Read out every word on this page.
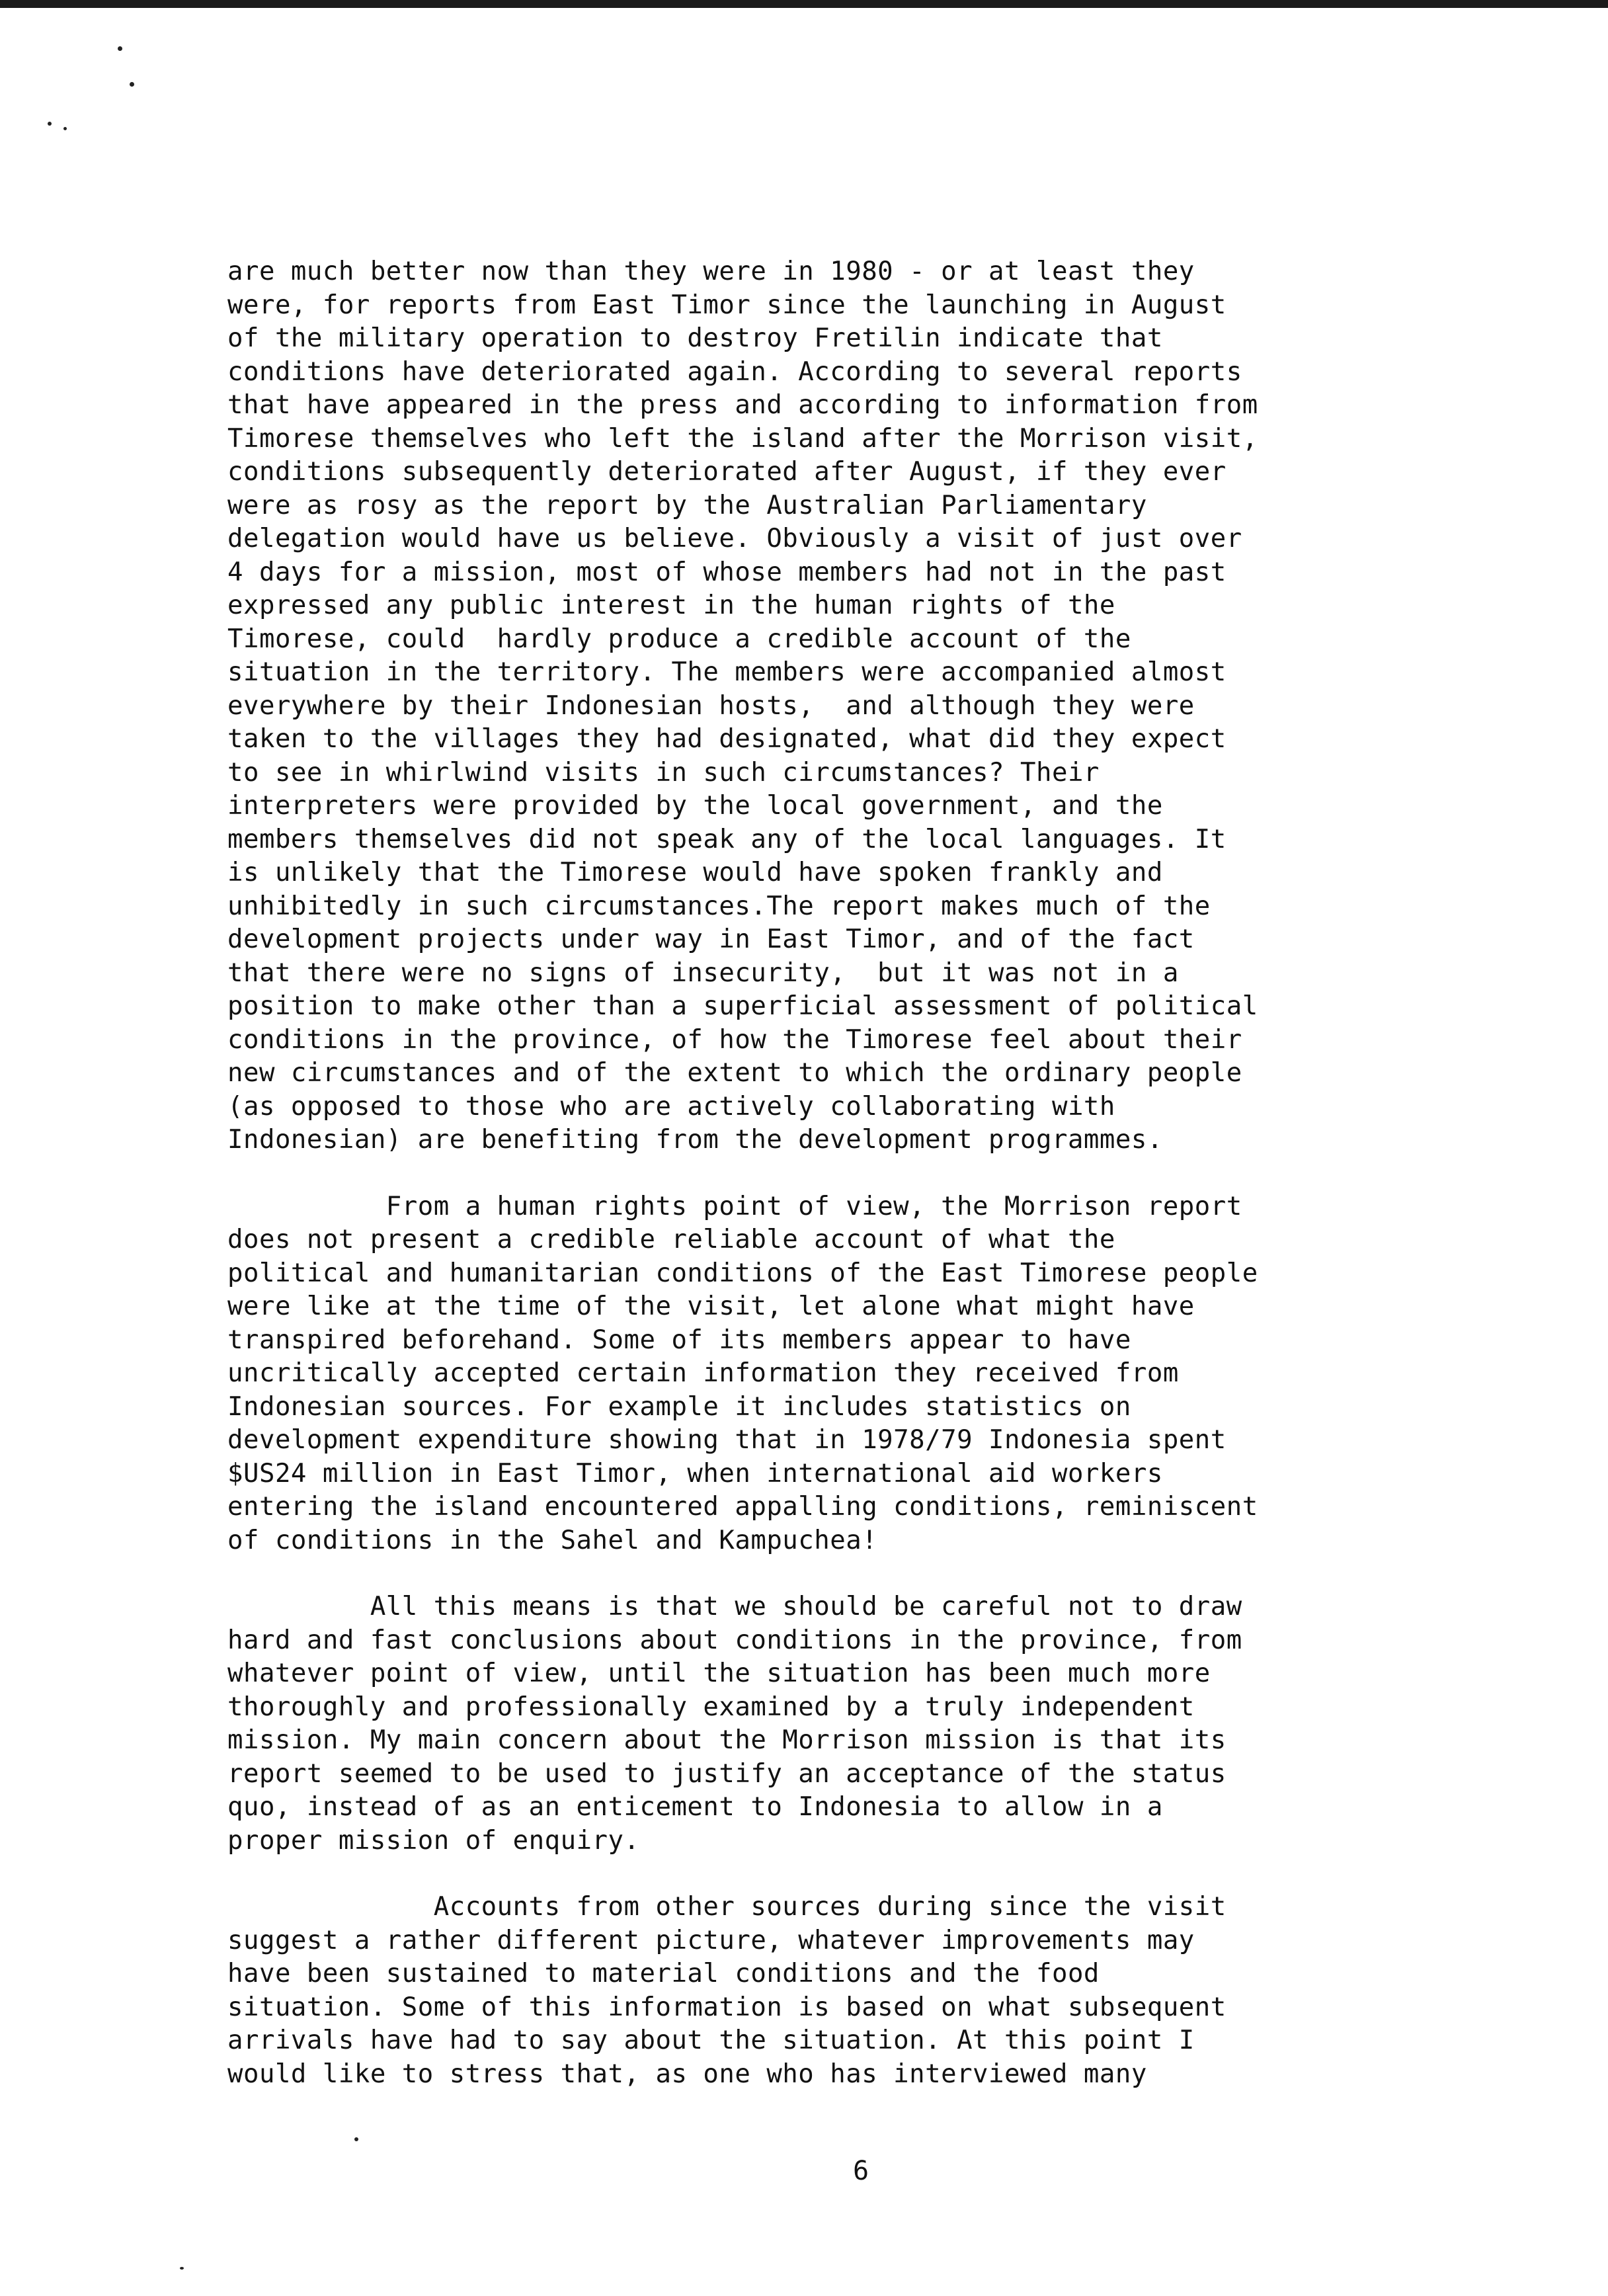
are much better now than they were in 1980 - or at least they
were, for reports from East Timor since the launching in August
of the military operation to destroy Fretilin indicate that
conditions have deteriorated again. According to several reports
that have appeared in the press and according to information from
Timorese themselves who left the island after the Morrison visit,
conditions subsequently deteriorated after August, if they ever
were as rosy as the report by the Australian Parliamentary
delegation would have us believe. Obviously a visit of just over
4 days for a mission, most of whose members had not in the past
expressed any public interest in the human rights of the
Timorese, could  hardly produce a credible account of the
situation in the territory. The members were accompanied almost
everywhere by their Indonesian hosts,  and although they were
taken to the villages they had designated, what did they expect
to see in whirlwind visits in such circumstances? Their
interpreters were provided by the local government, and the
members themselves did not speak any of the local languages. It
is unlikely that the Timorese would have spoken frankly and
unhibitedly in such circumstances.The report makes much of the
development projects under way in East Timor, and of the fact
that there were no signs of insecurity,  but it was not in a
position to make other than a superficial assessment of political
conditions in the province, of how the Timorese feel about their
new circumstances and of the extent to which the ordinary people
(as opposed to those who are actively collaborating with
Indonesian) are benefiting from the development programmes.
From a human rights point of view, the Morrison report
does not present a credible reliable account of what the
political and humanitarian conditions of the East Timorese people
were like at the time of the visit, let alone what might have
transpired beforehand. Some of its members appear to have
uncritically accepted certain information they received from
Indonesian sources. For example it includes statistics on
development expenditure showing that in 1978/79 Indonesia spent
$US24 million in East Timor, when international aid workers
entering the island encountered appalling conditions, reminiscent
of conditions in the Sahel and Kampuchea!
All this means is that we should be careful not to draw
hard and fast conclusions about conditions in the province, from
whatever point of view, until the situation has been much more
thoroughly and professionally examined by a truly independent
mission. My main concern about the Morrison mission is that its
report seemed to be used to justify an acceptance of the status
quo, instead of as an enticement to Indonesia to allow in a
proper mission of enquiry.
Accounts from other sources during since the visit
suggest a rather different picture, whatever improvements may
have been sustained to material conditions and the food
situation. Some of this information is based on what subsequent
arrivals have had to say about the situation. At this point I
would like to stress that, as one who has interviewed many
6
